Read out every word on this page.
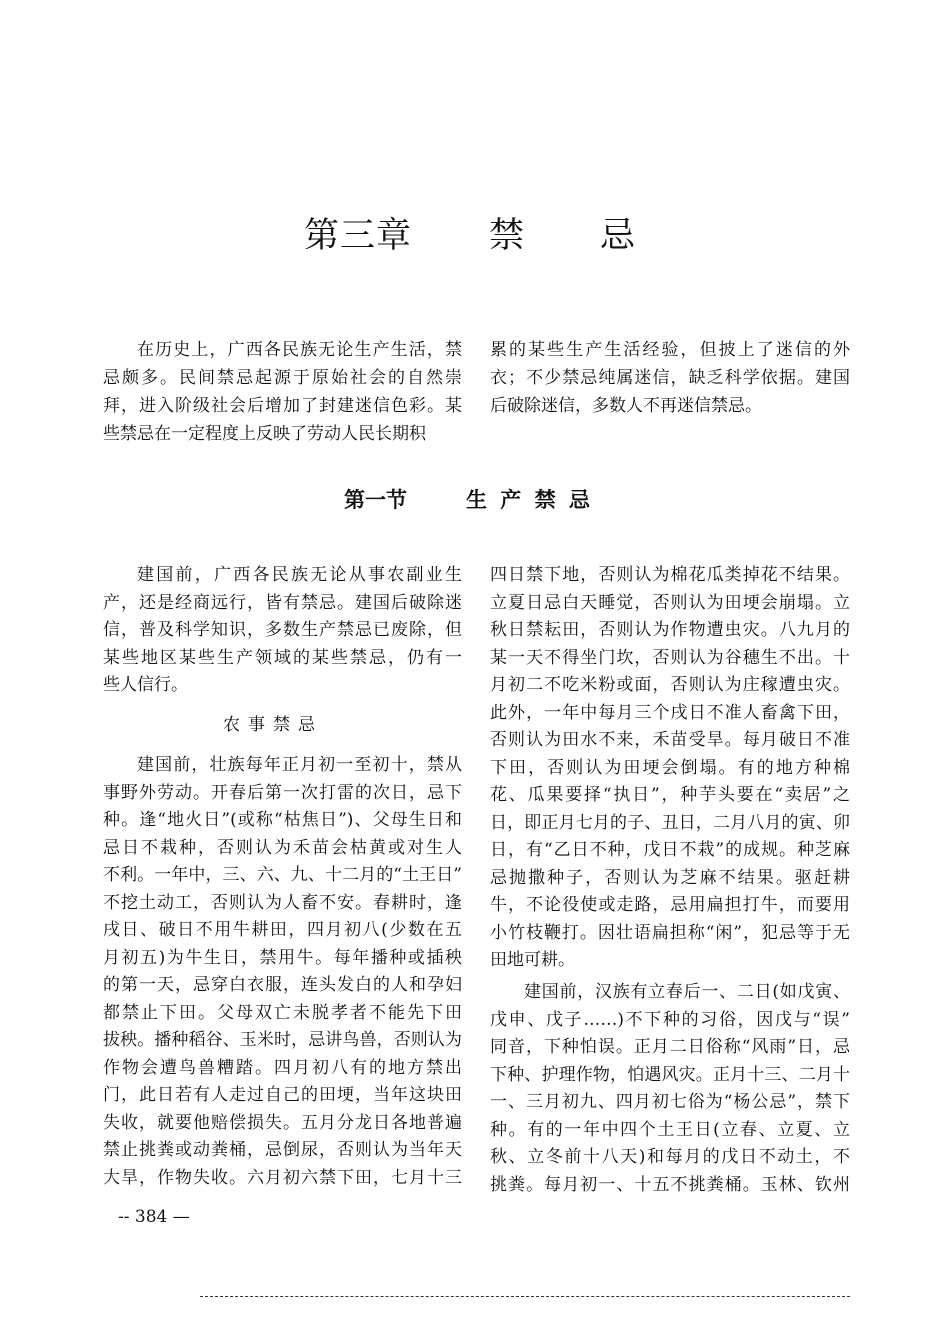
第三章 禁 忌
在历史上，广西各民族无论生产生活，禁
忌颇多。民间禁忌起源于原始社会的自然崇
拜，进入阶级社会后增加了封建迷信色彩。某
些禁忌在一定程度上反映了劳动人民长期积
累的某些生产生活经验，但披上了迷信的外
衣；不少禁忌纯属迷信，缺乏科学依据。建国
后破除迷信，多数人不再迷信禁忌。
第一节	生 产 禁 忌
建国前，广西各民族无论从事农副业生
产，还是经商远行，皆有禁忌。建国后破除迷
信，普及科学知识，多数生产禁忌已废除，但
某些地区某些生产领域的某些禁忌，仍有一
些人信行。
农事禁忌
建国前，壮族每年正月初一至初十，禁从
事野外劳动。开春后第一次打雷的次日，忌下
种。逢“地火日”(或称“枯焦日”)、父母生日和
忌日不栽种，否则认为禾苗会枯黄或对生人
不利。一年中，三、六、九、十二月的“土王日”
不挖土动工，否则认为人畜不安。春耕时，逢
戌日、破日不用牛耕田，四月初八(少数在五
月初五)为牛生日，禁用牛。每年播种或插秧
的第一天，忌穿白衣服，连头发白的人和孕妇
都禁止下田。父母双亡未脱孝者不能先下田
拔秧。播种稻谷、玉米时，忌讲鸟兽，否则认为
作物会遭鸟兽糟踏。四月初八有的地方禁出
门，此日若有人走过自己的田埂，当年这块田
失收，就要他赔偿损失。五月分龙日各地普遍
禁止挑粪或动粪桶，忌倒尿，否则认为当年天
大旱，作物失收。六月初六禁下田，七月十三
四日禁下地，否则认为棉花瓜类掉花不结果。
立夏日忌白天睡觉，否则认为田埂会崩塌。立
秋日禁耘田，否则认为作物遭虫灾。八九月的
某一天不得坐门坎，否则认为谷穗生不出。十
月初二不吃米粉或面，否则认为庄稼遭虫灾。
此外，一年中每月三个戌日不准人畜禽下田，
否则认为田水不来，禾苗受旱。每月破日不准
下田，否则认为田埂会倒塌。有的地方种棉
花、瓜果要择“执日”，种芋头要在“卖居”之
日，即正月七月的子、丑日，二月八月的寅、卯
日，有“乙日不种，戊日不栽”的成规。种芝麻
忌抛撒种子，否则认为芝麻不结果。驱赶耕
牛，不论役使或走路，忌用扁担打牛，而要用
小竹枝鞭打。因壮语扁担称“闲”，犯忌等于无
田地可耕。
建国前，汉族有立春后一、二日(如戊寅、
戊申、戊子……)不下种的习俗，因戊与“误”
同音，下种怕误。正月二日俗称“风雨”日，忌
下种、护理作物，怕遇风灾。正月十三、二月十
一、三月初九、四月初七俗为“杨公忌”，禁下
种。有的一年中四个土王日(立春、立夏、立
秋、立冬前十八天)和每月的戊日不动土，不
挑粪。每月初一、十五不挑粪桶。玉林、钦州
-- 384 —
